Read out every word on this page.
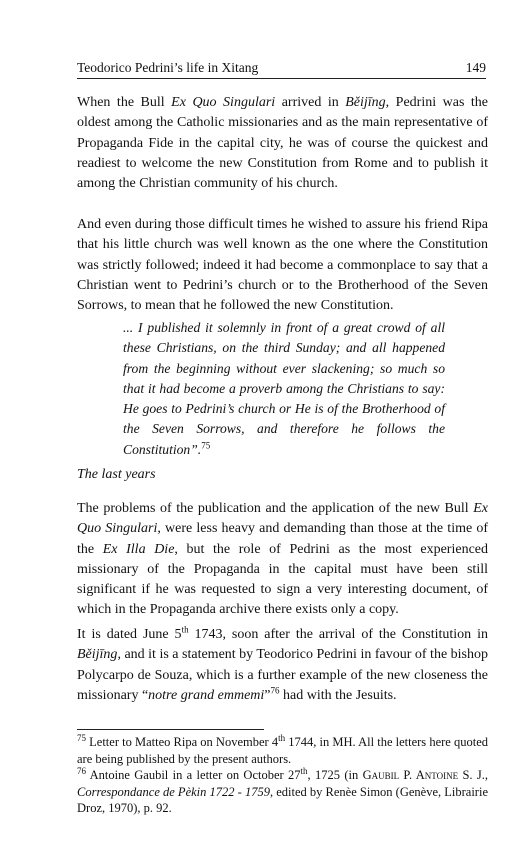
Teodorico Pedrini’s life in Xitang	149

When the Bull Ex Quo Singulari arrived in Běijīng, Pedrini was the oldest among the Catholic missionaries and as the main representative of Propaganda Fide in the capital city, he was of course the quickest and readiest to welcome the new Constitution from Rome and to publish it among the Christian community of his church.

And even during those difficult times he wished to assure his friend Ripa that his little church was well known as the one where the Constitution was strictly followed; indeed it had become a commonplace to say that a Christian went to Pedrini’s church or to the Brotherhood of the Seven Sorrows, to mean that he followed the new Constitution.

... I published it solemnly in front of a great crowd of all these Christians, on the third Sunday; and all happened from the beginning without ever slackening; so much so that it had become a proverb among the Christians to say: He goes to Pedrini’s church or He is of the Brotherhood of the Seven Sorrows, and therefore he follows the Constitution”.$^{75}$

The last years

The problems of the publication and the application of the new Bull Ex Quo Singulari, were less heavy and demanding than those at the time of the Ex Illa Die, but the role of Pedrini as the most experienced missionary of the Propaganda in the capital must have been still significant if he was requested to sign a very interesting document, of which in the Propaganda archive there exists only a copy.

It is dated June 5th 1743, soon after the arrival of the Constitution in Běijīng, and it is a statement by Teodorico Pedrini in favour of the bishop Polycarpo de Souza, which is a further example of the new closeness the missionary “notre grand emmemi”$^{76}$ had with the Jesuits.

$^{75}$ Letter to Matteo Ripa on November 4th 1744, in MH. All the letters here quoted are being published by the present authors.
$^{76}$ Antoine Gaubil in a letter on October 27th, 1725 (in Gaubil P. Antoine S. J., Correspondance de Pèkin 1722 - 1759, edited by Renèe Simon (Genève, Librairie Droz, 1970), p. 92.
